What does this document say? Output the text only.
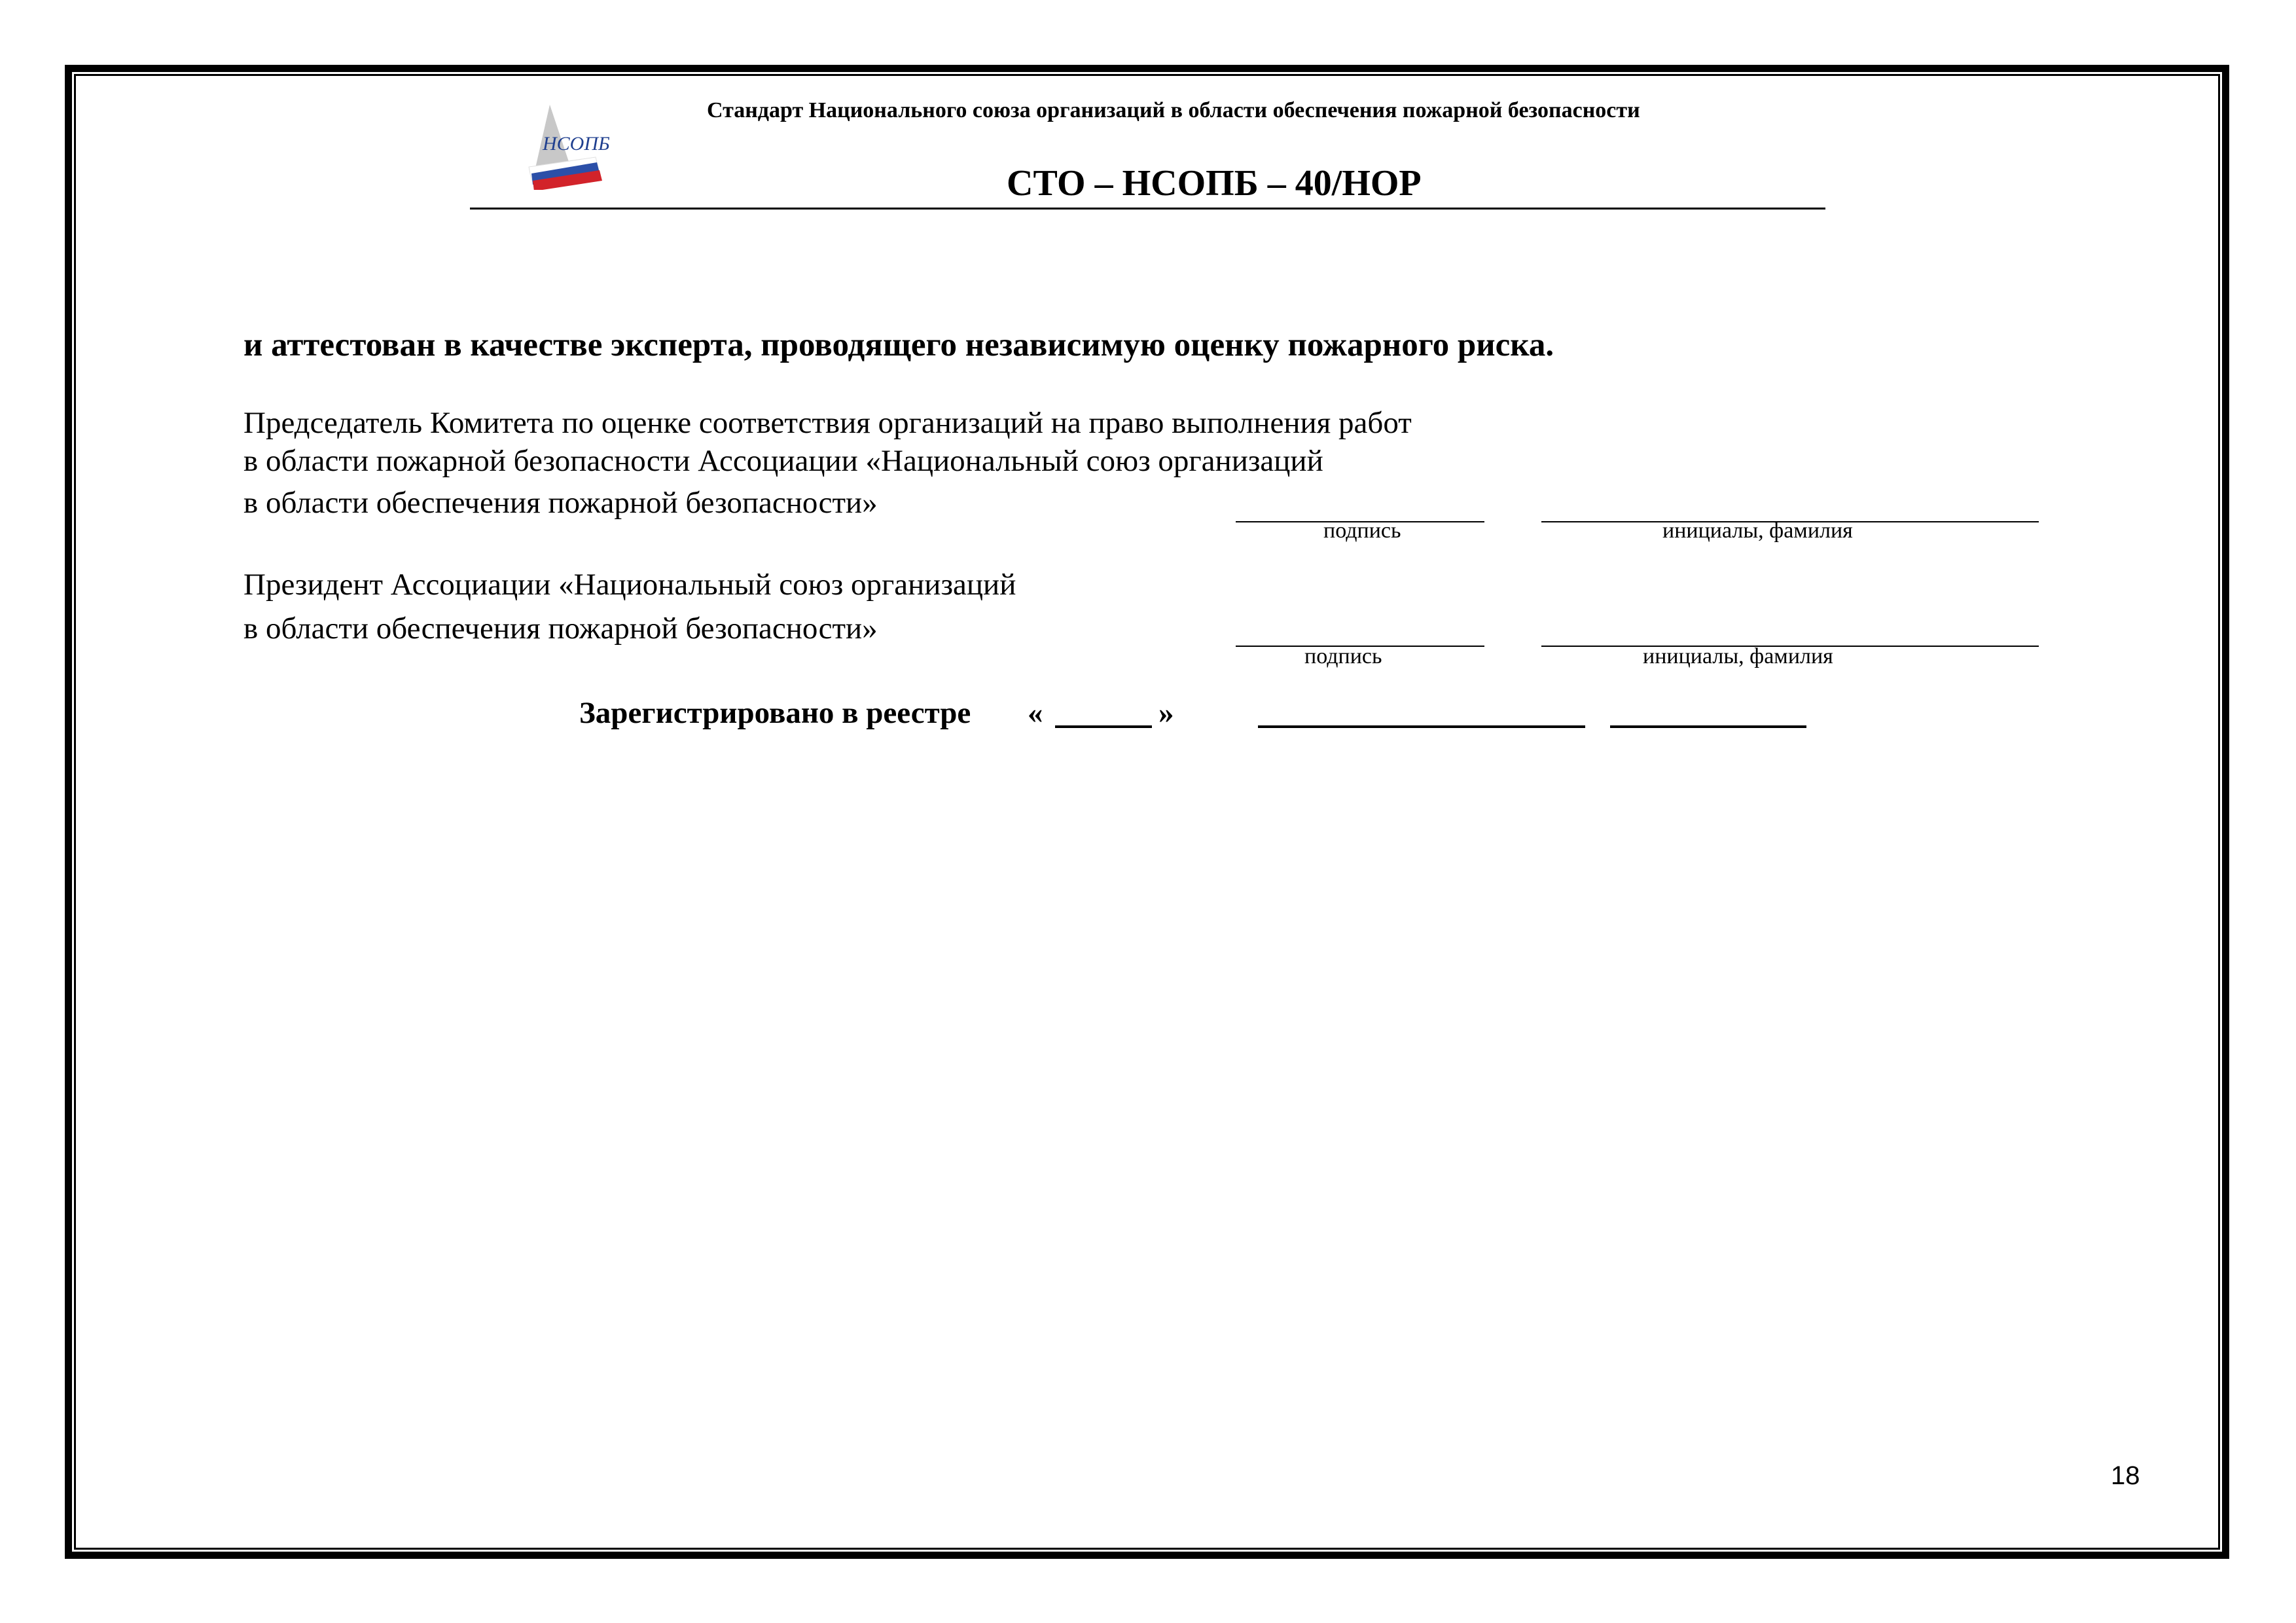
НСОПБ
Стандарт Национального союза организаций в области обеспечения пожарной безопасности
СТО – НСОПБ – 40/НОР
и аттестован в качестве эксперта, проводящего независимую оценку пожарного риска.
Председатель Комитета по оценке соответствия организаций на право выполнения работ
в области пожарной безопасности Ассоциации «Национальный союз организаций
в области обеспечения пожарной безопасности»
подпись	инициалы, фамилия
Президент Ассоциации «Национальный союз организаций
в области обеспечения пожарной безопасности»
подпись	инициалы, фамилия
Зарегистрировано в реестре «	»
18
